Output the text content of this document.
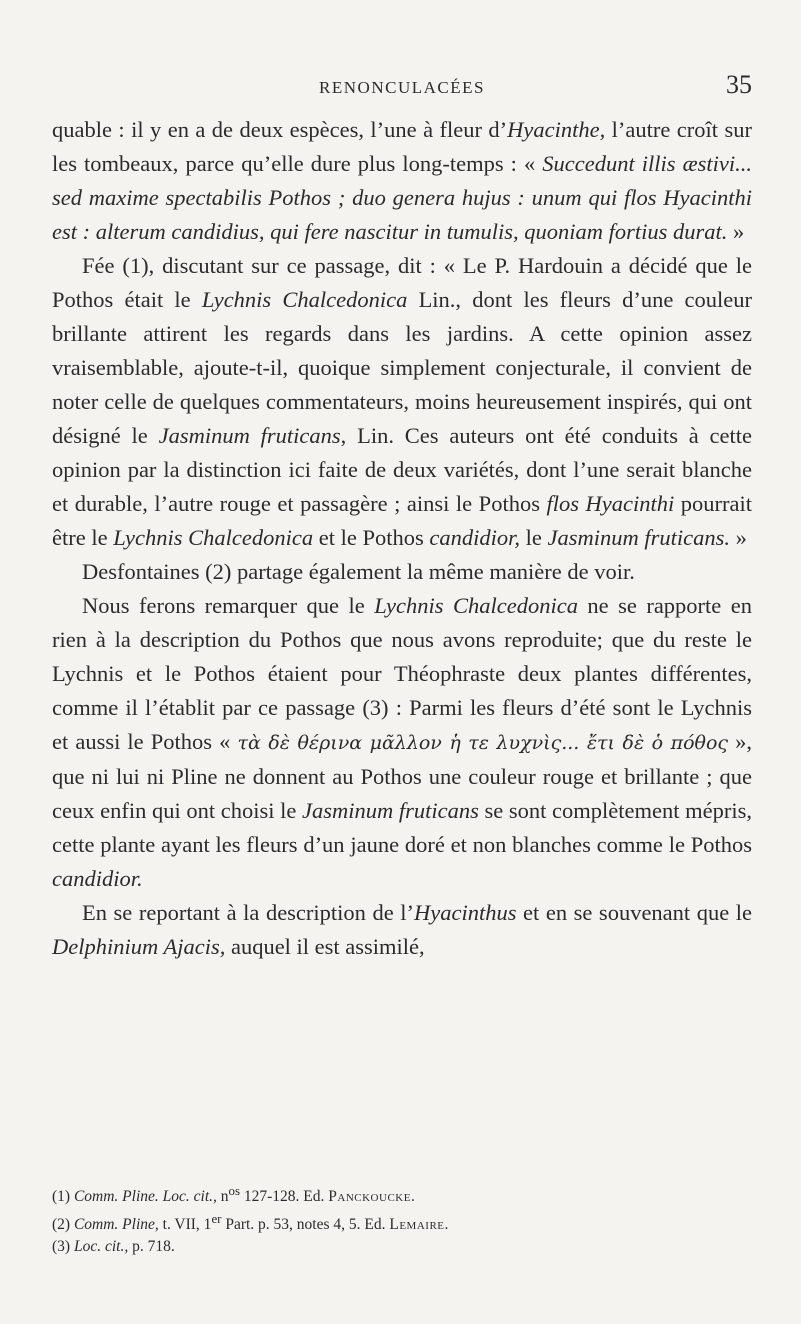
RENONCULACÉES	35

quable : il y en a de deux espèces, l’une à fleur d’Hyacinthe, l’autre croît sur les tombeaux, parce qu’elle dure plus long-temps : « Succedunt illis æstivi... sed maxime spectabilis Pothos ; duo genera hujus : unum qui flos Hyacinthi est : alterum candidius, qui fere nascitur in tumulis, quoniam fortius durat. »

Fée (1), discutant sur ce passage, dit : « Le P. Hardouin a décidé que le Pothos était le Lychnis Chalcedonica Lin., dont les fleurs d’une couleur brillante attirent les regards dans les jardins. A cette opinion assez vraisemblable, ajoute-t-il, quoique simplement conjecturale, il convient de noter celle de quelques commentateurs, moins heureusement inspirés, qui ont désigné le Jasminum fruticans, Lin. Ces auteurs ont été conduits à cette opinion par la distinction ici faite de deux variétés, dont l’une serait blanche et durable, l’autre rouge et passagère ; ainsi le Pothos flos Hyacinthi pourrait être le Lychnis Chalcedonica et le Pothos candidior, le Jasminum fruticans. »

Desfontaines (2) partage également la même manière de voir.

Nous ferons remarquer que le Lychnis Chalcedonica ne se rapporte en rien à la description du Pothos que nous avons reproduite; que du reste le Lychnis et le Pothos étaient pour Théophraste deux plantes différentes, comme il l’établit par ce passage (3) : Parmi les fleurs d’été sont le Lychnis et aussi le Pothos « τὰ δὲ θέρινα μᾶλλον ἡ τε λυχνὶς... ἔτι δὲ ὁ πόθος », que ni lui ni Pline ne donnent au Pothos une couleur rouge et brillante ; que ceux enfin qui ont choisi le Jasminum fruticans se sont complètement mépris, cette plante ayant les fleurs d’un jaune doré et non blanches comme le Pothos candidior.

En se reportant à la description de l’Hyacinthus et en se souvenant que le Delphinium Ajacis, auquel il est assimilé,

(1) Comm. Pline. Loc. cit., $n^{os}$ 127-128. Ed. Panckoucke.
(2) Comm. Pline, t. VII, 1er Part. p. 53, notes 4, 5. Ed. Lemaire.
(3) Loc. cit., p. 718.
